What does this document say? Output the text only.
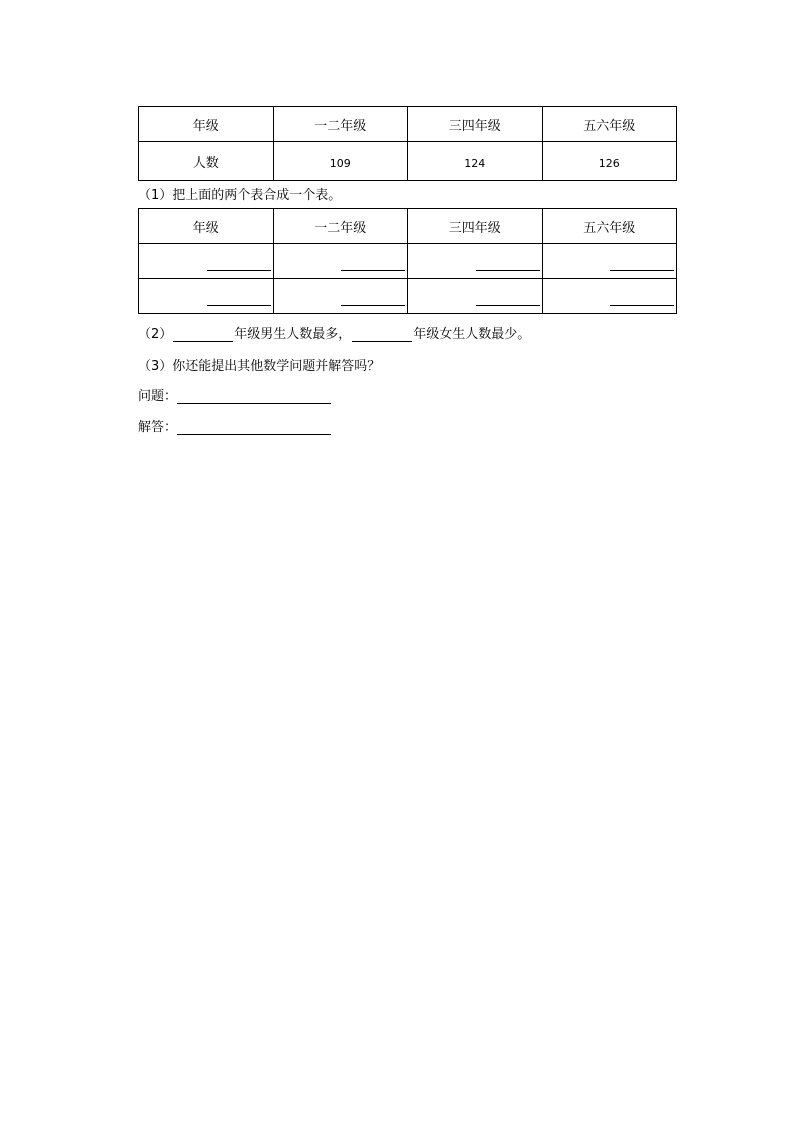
年级	一二年级	三四年级	五六年级
人数	109	124	126
（1）把上面的两个表合成一个表。
年级	一二年级	三四年级	五六年级

（2）	年级男生人数最多，	年级女生人数最少。
（3）你还能提出其他数学问题并解答吗？
问题：
解答：
